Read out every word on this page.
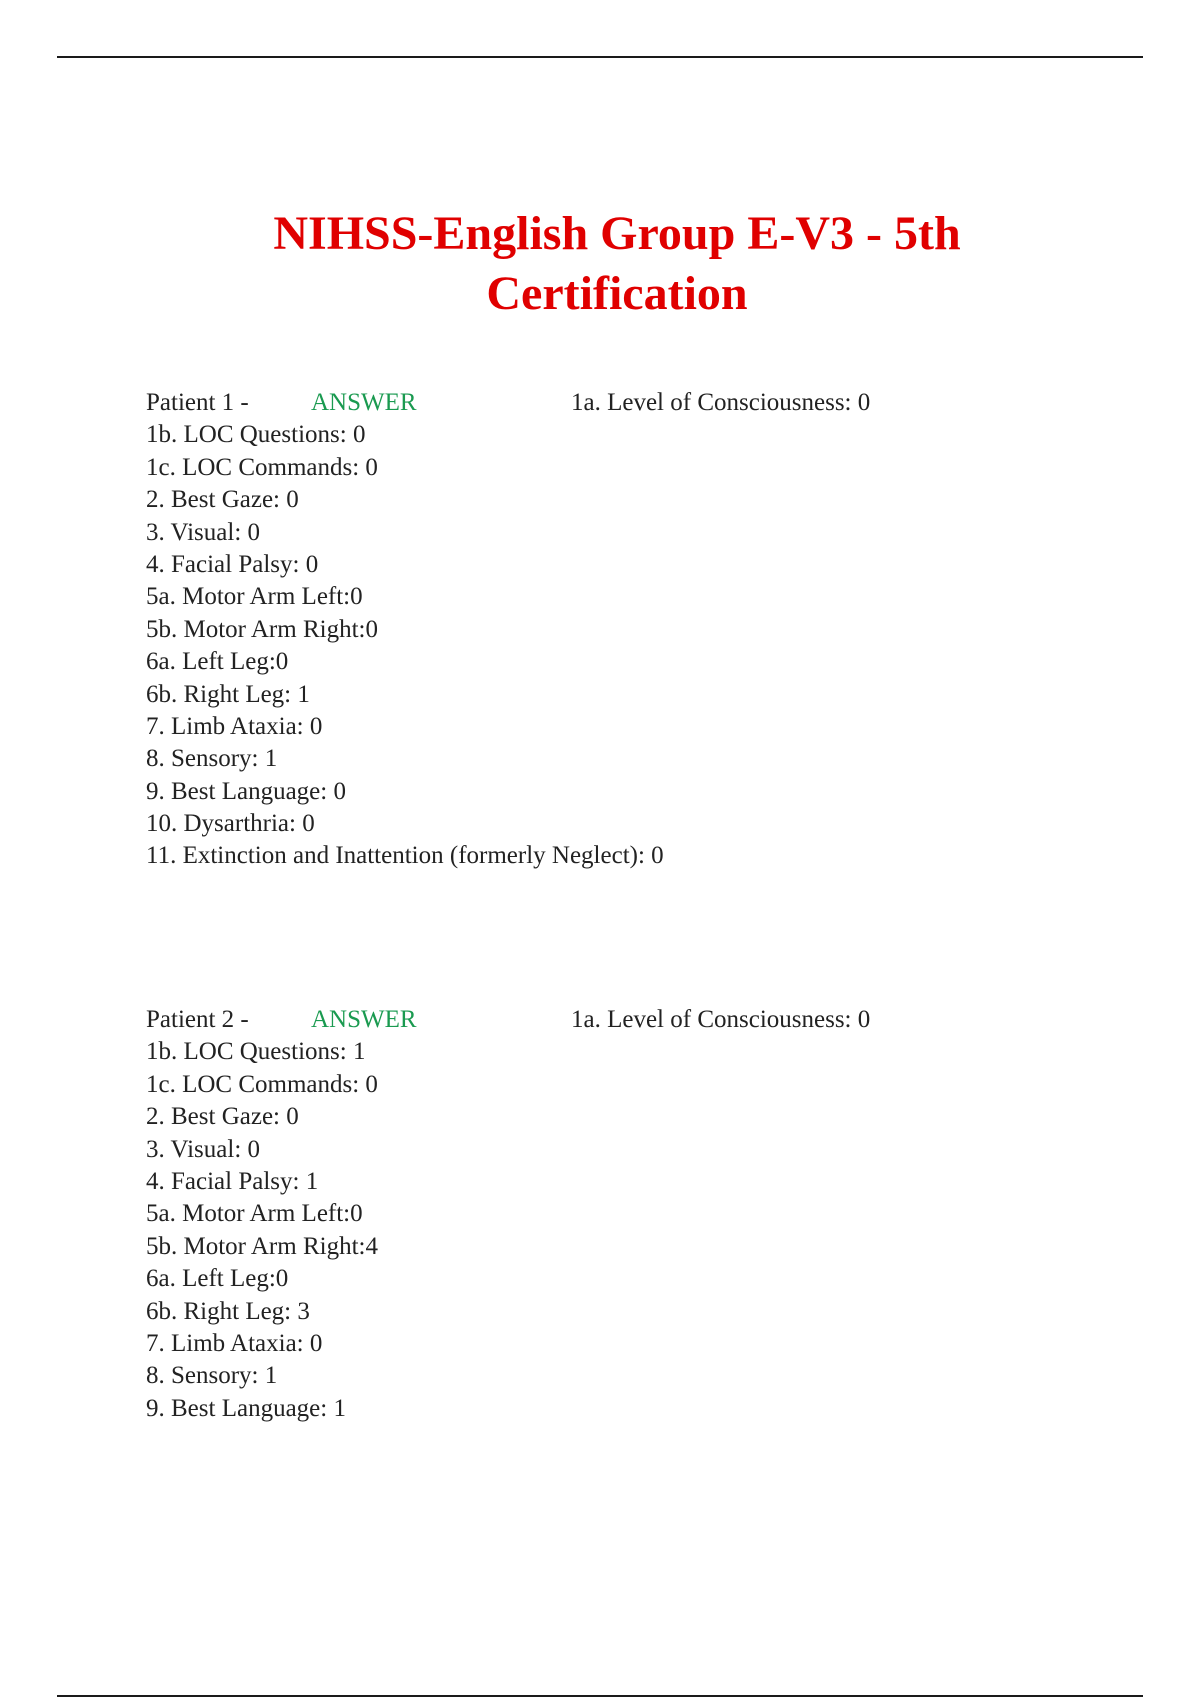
NIHSS-English Group E-V3 - 5th
Certification
Patient 1 - ANSWER	1a. Level of Consciousness: 0
1b. LOC Questions: 0
1c. LOC Commands: 0
2. Best Gaze: 0
3. Visual: 0
4. Facial Palsy: 0
5a. Motor Arm Left:0
5b. Motor Arm Right:0
6a. Left Leg:0
6b. Right Leg: 1
7. Limb Ataxia: 0
8. Sensory: 1
9. Best Language: 0
10. Dysarthria: 0
11. Extinction and Inattention (formerly Neglect): 0
Patient 2 - ANSWER	1a. Level of Consciousness: 0
1b. LOC Questions: 1
1c. LOC Commands: 0
2. Best Gaze: 0
3. Visual: 0
4. Facial Palsy: 1
5a. Motor Arm Left:0
5b. Motor Arm Right:4
6a. Left Leg:0
6b. Right Leg: 3
7. Limb Ataxia: 0
8. Sensory: 1
9. Best Language: 1
